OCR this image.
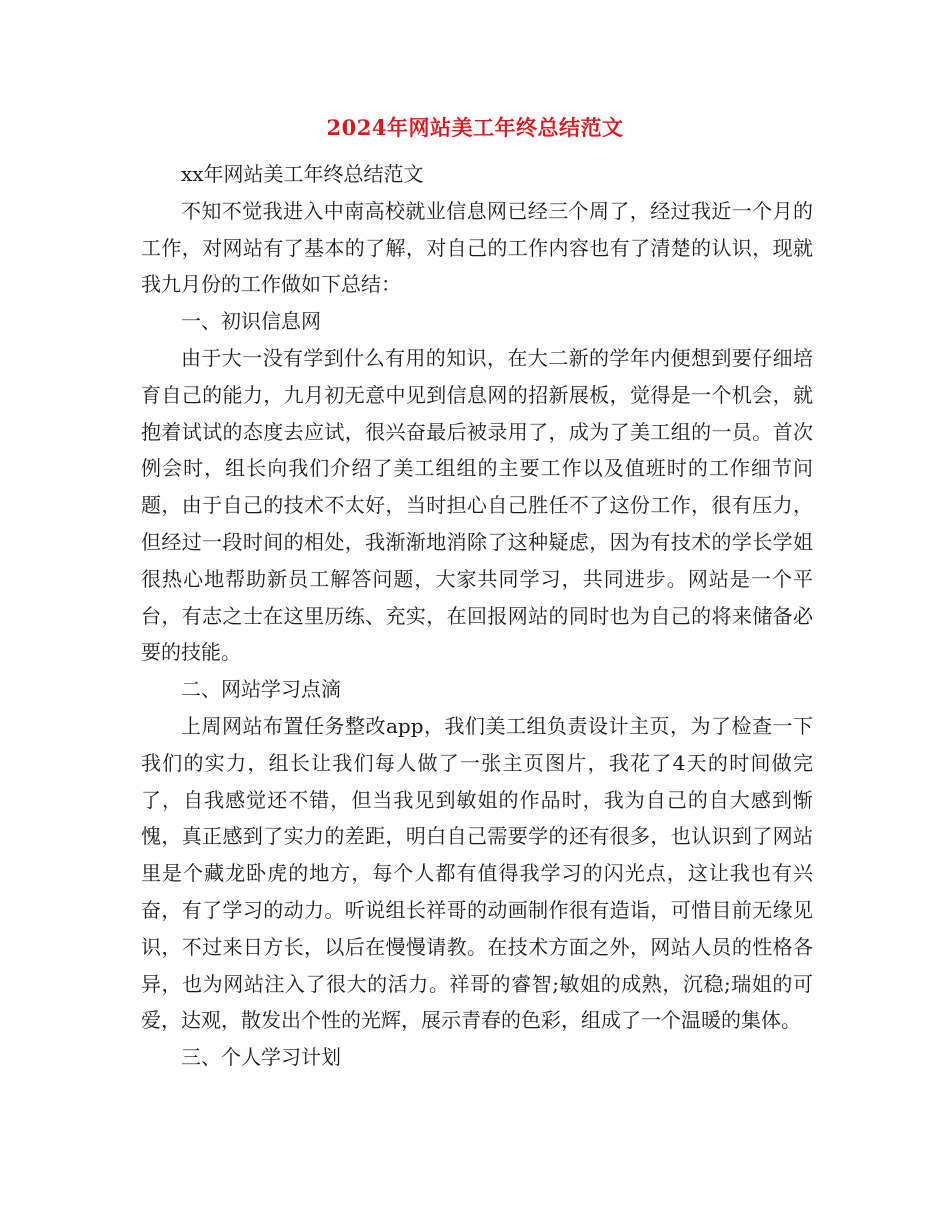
2024年网站美工年终总结范文

xx年网站美工年终总结范文

不知不觉我进入中南高校就业信息网已经三个周了，经过我近一个月的工作，对网站有了基本的了解，对自己的工作内容也有了清楚的认识，现就我九月份的工作做如下总结：

一、初识信息网

由于大一没有学到什么有用的知识，在大二新的学年内便想到要仔细培育自己的能力，九月初无意中见到信息网的招新展板，觉得是一个机会，就抱着试试的态度去应试，很兴奋最后被录用了，成为了美工组的一员。首次例会时，组长向我们介绍了美工组组的主要工作以及值班时的工作细节问题，由于自己的技术不太好，当时担心自己胜任不了这份工作，很有压力，但经过一段时间的相处，我渐渐地消除了这种疑虑，因为有技术的学长学姐很热心地帮助新员工解答问题，大家共同学习，共同进步。网站是一个平台，有志之士在这里历练、充实，在回报网站的同时也为自己的将来储备必要的技能。

二、网站学习点滴

上周网站布置任务整改app，我们美工组负责设计主页，为了检查一下我们的实力，组长让我们每人做了一张主页图片，我花了4天的时间做完了，自我感觉还不错，但当我见到敏姐的作品时，我为自己的自大感到惭愧，真正感到了实力的差距，明白自己需要学的还有很多，也认识到了网站里是个藏龙卧虎的地方，每个人都有值得我学习的闪光点，这让我也有兴奋，有了学习的动力。听说组长祥哥的动画制作很有造诣，可惜目前无缘见识，不过来日方长，以后在慢慢请教。在技术方面之外，网站人员的性格各异，也为网站注入了很大的活力。祥哥的睿智;敏姐的成熟，沉稳;瑞姐的可爱，达观，散发出个性的光辉，展示青春的色彩，组成了一个温暖的集体。

三、个人学习计划
